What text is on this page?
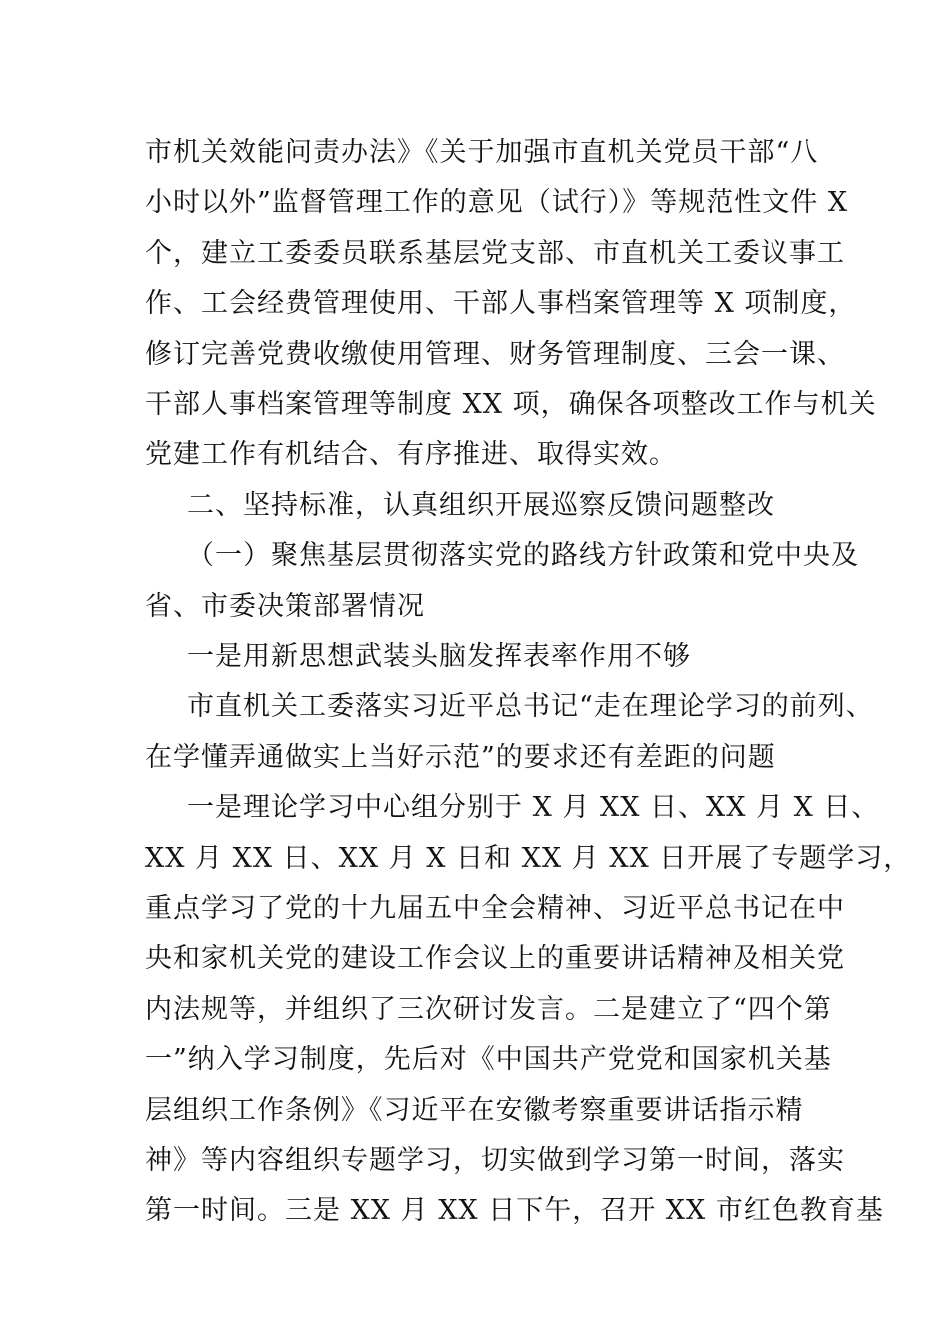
市机关效能问责办法》《关于加强市直机关党员干部“八
小时以外”监督管理工作的意见（试行）》等规范性文件 X
个，建立工委委员联系基层党支部、市直机关工委议事工
作、工会经费管理使用、干部人事档案管理等 X 项制度，
修订完善党费收缴使用管理、财务管理制度、三会一课、
干部人事档案管理等制度 XX 项，确保各项整改工作与机关
党建工作有机结合、有序推进、取得实效。
二、坚持标准，认真组织开展巡察反馈问题整改
（一）聚焦基层贯彻落实党的路线方针政策和党中央及
省、市委决策部署情况
一是用新思想武装头脑发挥表率作用不够
市直机关工委落实习近平总书记“走在理论学习的前列、
在学懂弄通做实上当好示范”的要求还有差距的问题
一是理论学习中心组分别于 X 月 XX 日、XX 月 X 日、
XX 月 XX 日、XX 月 X 日和 XX 月 XX 日开展了专题学习，
重点学习了党的十九届五中全会精神、习近平总书记在中
央和家机关党的建设工作会议上的重要讲话精神及相关党
内法规等，并组织了三次研讨发言。二是建立了“四个第
一”纳入学习制度，先后对《中国共产党党和国家机关基
层组织工作条例》《习近平在安徽考察重要讲话指示精
神》等内容组织专题学习，切实做到学习第一时间，落实
第一时间。三是 XX 月 XX 日下午，召开 XX 市红色教育基
